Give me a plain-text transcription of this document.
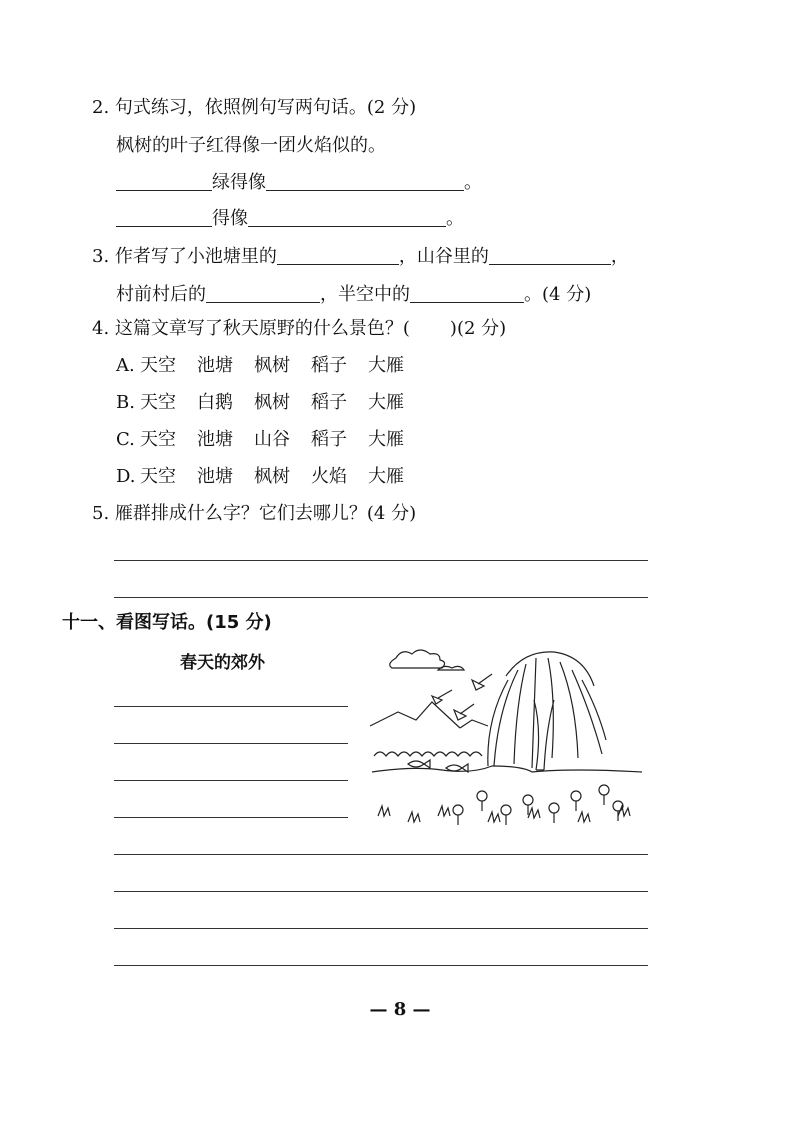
2. 句式练习，依照例句写两句话。(2 分)
枫树的叶子红得像一团火焰似的。
绿得像	。
得像	。
3. 作者写了小池塘里的	，山谷里的	，
村前村后的	，半空中的	。(4 分)
4. 这篇文章写了秋天原野的什么景色？( )(2 分)
A. 天空 池塘 枫树 稻子 大雁
B. 天空 白鹅 枫树 稻子 大雁
C. 天空 池塘 山谷 稻子 大雁
D. 天空 池塘 枫树 火焰 大雁
5. 雁群排成什么字？它们去哪儿？(4 分)
十一、看图写话。(15 分)
春天的郊外
— 8 —
